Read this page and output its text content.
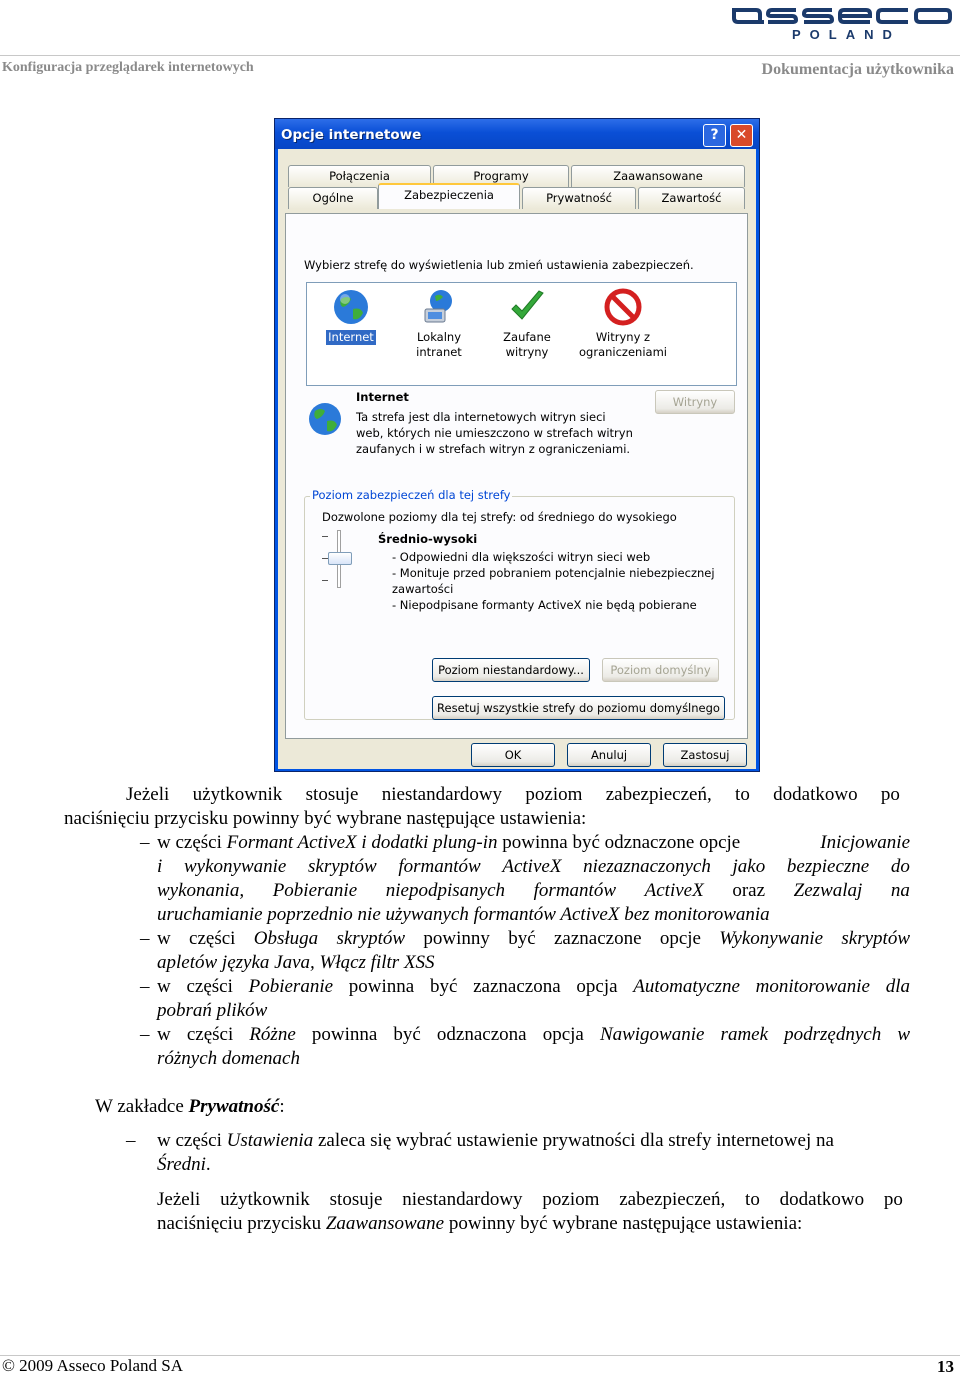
POLAND
Konfiguracja przeglądarek internetowych	Dokumentacja użytkownika
Opcje internetowe	?	✕
Połączenia	Programy	Zaawansowane
Ogólne	Zabezpieczenia	Prywatność	Zawartość
Wybierz strefę do wyświetlenia lub zmień ustawienia zabezpieczeń.
Internet	Lokalny intranet
Zaufane witryny
Witryny z ograniczeniami
Internet
Ta strefa jest dla internetowych witryn sieci
web, których nie umieszczono w strefach witryn
zaufanych i w strefach witryn z ograniczeniami.
Witryny
Poziom zabezpieczeń dla tej strefy
Dozwolone poziomy dla tej strefy: od średniego do wysokiego
Średnio-wysoki
- Odpowiedni dla większości witryn sieci web
- Monituje przed pobraniem potencjalnie niebezpiecznej
zawartości
- Niepodpisane formanty ActiveX nie będą pobierane
Poziom niestandardowy...	Poziom domyślny
Resetuj wszystkie strefy do poziomu domyślnego
OK	Anuluj	Zastosuj
Jeżeli użytkownik stosuje niestandardowy poziom zabezpieczeń, to dodatkowo po
naciśnięciu przycisku powinny być wybrane następujące ustawienia:
– w części Formant ActiveX i dodatki plung-in powinna być odznaczone opcje	Inicjowanie
i wykonywanie skryptów formantów ActiveX niezaznaczonych jako bezpieczne do
wykonania, Pobieranie niepodpisanych formantów ActiveX oraz Zezwalaj na
uruchamianie poprzednio nie używanych formantów ActiveX bez monitorowania
– w części Obsługa skryptów powinny być zaznaczone opcje Wykonywanie skryptów
apletów języka Java, Włącz filtr XSS
– w części Pobieranie powinna być zaznaczona opcja Automatyczne monitorowanie dla
pobrań plików
– w części Różne powinna być odznaczona opcja Nawigowanie ramek podrzędnych w
różnych domenach
W zakładce Prywatność:
– w części Ustawienia zaleca się wybrać ustawienie prywatności dla strefy internetowej na
Średni.
Jeżeli użytkownik stosuje niestandardowy poziom zabezpieczeń, to dodatkowo po
naciśnięciu przycisku Zaawansowane powinny być wybrane następujące ustawienia:
© 2009 Asseco Poland SA	13
